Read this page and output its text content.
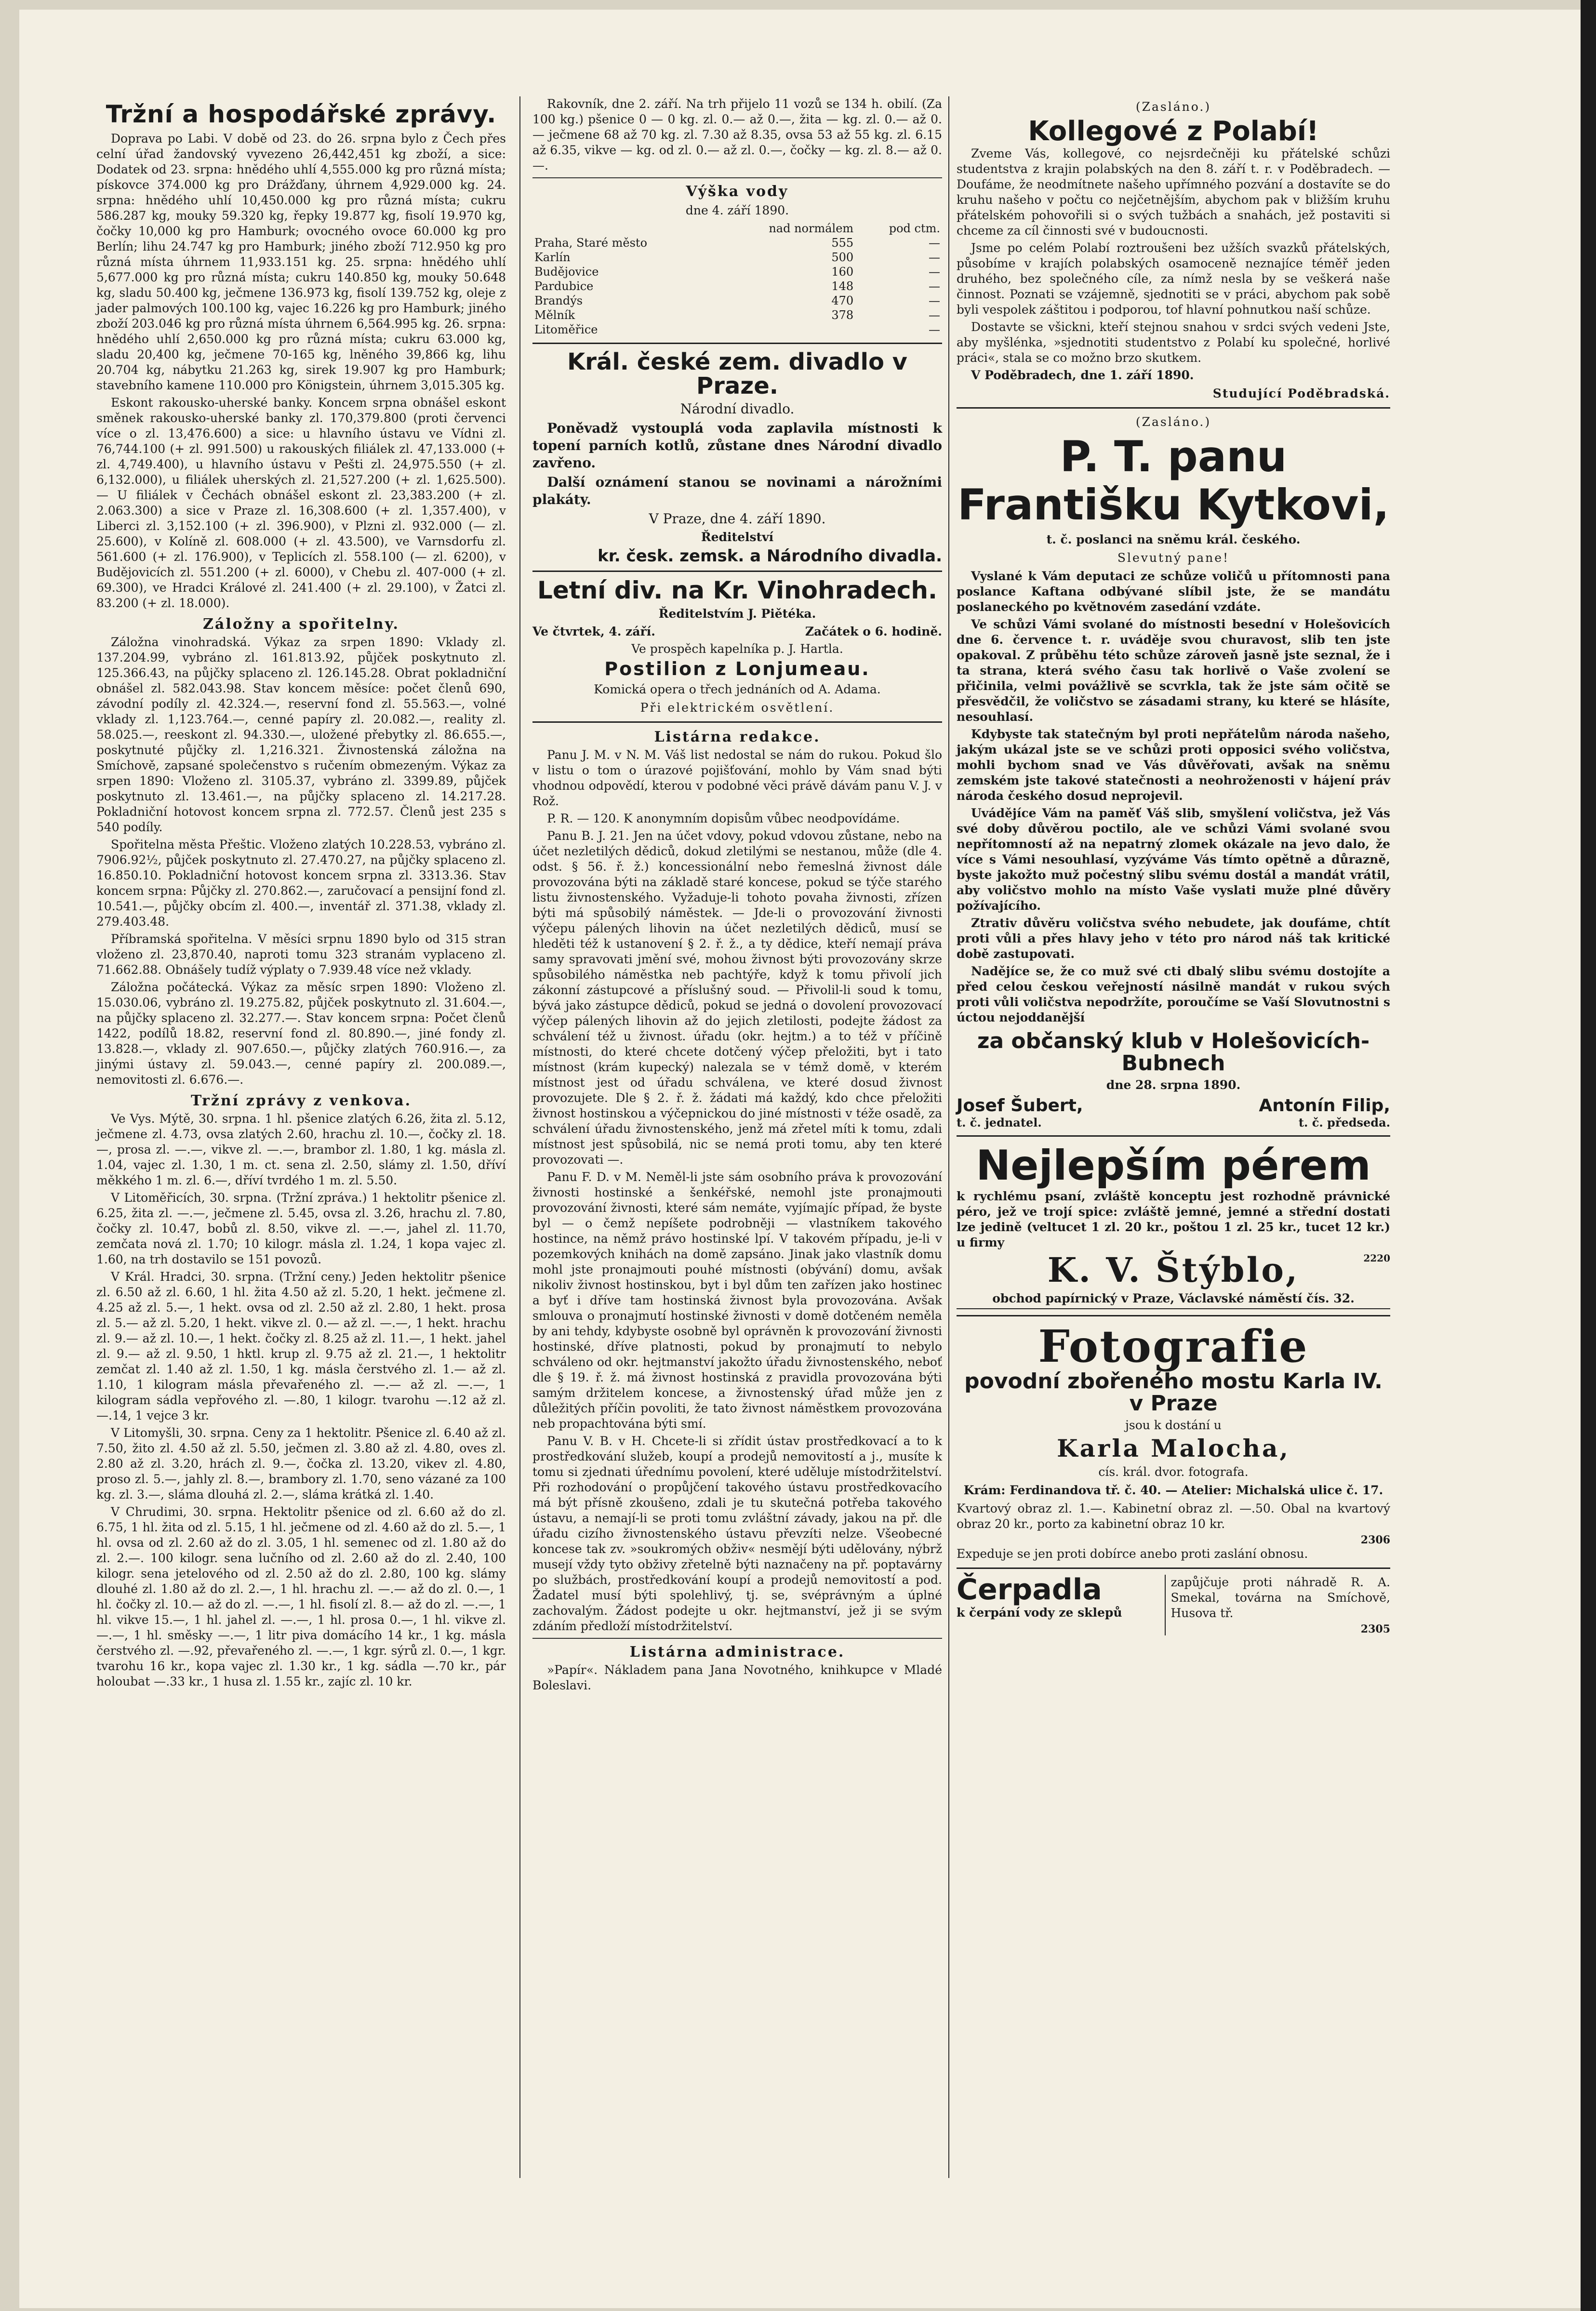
Tržní a hospodářské zprávy.

Doprava po Labi. V době od 23. do 26. srpna bylo z Čech přes celní úřad žandovský vyvezeno 26,442,451 kg zboží, a sice: Dodatek od 23. srpna: hnědého uhlí 4,555.000 kg pro různá místa; pískovce 374.000 kg pro Drážďany, úhrnem 4,929.000 kg. 24. srpna: hnědého uhlí 10,450.000 kg pro různá místa; cukru 586.287 kg, mouky 59.320 kg, řepky 19.877 kg, fisolí 19.970 kg, čočky 10,000 kg pro Hamburk; ovocného ovoce 60.000 kg pro Berlín; lihu 24.747 kg pro Hamburk; jiného zboží 712.950 kg pro různá místa úhrnem 11,933.151 kg. 25. srpna: hnědého uhlí 5,677.000 kg pro různá místa; cukru 140.850 kg, mouky 50.648 kg, sladu 50.400 kg, ječmene 136.973 kg, fisolí 139.752 kg, oleje z jader palmových 100.100 kg, vajec 16.226 kg pro Hamburk; jiného zboží 203.046 kg pro různá místa úhrnem 6,564.995 kg. 26. srpna: hnědého uhlí 2,650.000 kg pro různá místa; cukru 63.000 kg, sladu 20,400 kg, ječmene 70-165 kg, lněného 39,866 kg, lihu 20.704 kg, nábytku 21.263 kg, sirek 19.907 kg pro Hamburk; stavebního kamene 110.000 pro Königstein, úhrnem 3,015.305 kg.

Eskont rakousko-uherské banky. Koncem srpna obnášel eskont směnek rakousko-uherské banky zl. 170,379.800 (proti červenci více o zl. 13,476.600) a sice: u hlavního ústavu ve Vídni zl. 76,744.100 (+ zl. 991.500) u rakouských filiálek zl. 47,133.000 (+ zl. 4,749.400), u hlavního ústavu v Pešti zl. 24,975.550 (+ zl. 6,132.000), u filiálek uherských zl. 21,527.200 (+ zl. 1,625.500). — U filiálek v Čechách obnášel eskont zl. 23,383.200 (+ zl. 2.063.300) a sice v Praze zl. 16,308.600 (+ zl. 1,357.400), v Liberci zl. 3,152.100 (+ zl. 396.900), v Plzni zl. 932.000 (— zl. 25.600), v Kolíně zl. 608.000 (+ zl. 43.500), ve Varnsdorfu zl. 561.600 (+ zl. 176.900), v Teplicích zl. 558.100 (— zl. 6200), v Budějovicích zl. 551.200 (+ zl. 6000), v Chebu zl. 407-000 (+ zl. 69.300), ve Hradci Králové zl. 241.400 (+ zl. 29.100), v Žatci zl. 83.200 (+ zl. 18.000).

Záložny a spořitelny.

Záložna vinohradská. Výkaz za srpen 1890: Vklady zl. 137.204.99, vybráno zl. 161.813.92, půjček poskytnuto zl. 125.366.43, na půjčky splaceno zl. 126.145.28. Obrat pokladniční obnášel zl. 582.043.98. Stav koncem měsíce: počet členů 690, závodní podíly zl. 42.324.—, reservní fond zl. 55.563.—, volné vklady zl. 1,123.764.—, cenné papíry zl. 20.082.—, reality zl. 58.025.—, reeskont zl. 94.330.—, uložené přebytky zl. 86.655.—, poskytnuté půjčky zl. 1,216.321. Živnostenská záložna na Smíchově, zapsané společenstvo s ručením obmezeným. Výkaz za srpen 1890: Vloženo zl. 3105.37, vybráno zl. 3399.89, půjček poskytnuto zl. 13.461.—, na půjčky splaceno zl. 14.217.28. Pokladniční hotovost koncem srpna zl. 772.57. Členů jest 235 s 540 podíly.

Spořitelna města Přeštic. Vloženo zlatých 10.228.53, vybráno zl. 7906.92½, půjček poskytnuto zl. 27.470.27, na půjčky splaceno zl. 16.850.10. Pokladniční hotovost koncem srpna zl. 3313.36. Stav koncem srpna: Půjčky zl. 270.862.—, zaručovací a pensijní fond zl. 10.541.—, půjčky obcím zl. 400.—, inventář zl. 371.38, vklady zl. 279.403.48.

Příbramská spořitelna. V měsíci srpnu 1890 bylo od 315 stran vloženo zl. 23,870.40, naproti tomu 323 stranám vyplaceno zl. 71.662.88. Obnášely tudíž výplaty o 7.939.48 více než vklady.

Záložna počátecká. Výkaz za měsíc srpen 1890: Vloženo zl. 15.030.06, vybráno zl. 19.275.82, půjček poskytnuto zl. 31.604.—, na půjčky splaceno zl. 32.277.—. Stav koncem srpna: Počet členů 1422, podílů 18.82, reservní fond zl. 80.890.—, jiné fondy zl. 13.828.—, vklady zl. 907.650.—, půjčky zlatých 760.916.—, za jinými ústavy zl. 59.043.—, cenné papíry zl. 200.089.—, nemovitosti zl. 6.676.—.

Tržní zprávy z venkova.

Ve Vys. Mýtě, 30. srpna. 1 hl. pšenice zlatých 6.26, žita zl. 5.12, ječmene zl. 4.73, ovsa zlatých 2.60, hrachu zl. 10.—, čočky zl. 18.—, prosa zl. —.—, vikve zl. —.—, brambor zl. 1.80, 1 kg. másla zl. 1.04, vajec zl. 1.30, 1 m. ct. sena zl. 2.50, slámy zl. 1.50, dříví měkkého 1 m. zl. 6.—, dříví tvrdého 1 m. zl. 5.50.

V Litoměřicích, 30. srpna. (Tržní zpráva.) 1 hektolitr pšenice zl. 6.25, žita zl. —.—, ječmene zl. 5.45, ovsa zl. 3.26, hrachu zl. 7.80, čočky zl. 10.47, bobů zl. 8.50, vikve zl. —.—, jahel zl. 11.70, zemčata nová zl. 1.70; 10 kilogr. másla zl. 1.24, 1 kopa vajec zl. 1.60, na trh dostavilo se 151 povozů.

V Král. Hradci, 30. srpna. (Tržní ceny.) Jeden hektolitr pšenice zl. 6.50 až zl. 6.60, 1 hl. žita 4.50 až zl. 5.20, 1 hekt. ječmene zl. 4.25 až zl. 5.—, 1 hekt. ovsa od zl. 2.50 až zl. 2.80, 1 hekt. prosa zl. 5.— až zl. 5.20, 1 hekt. vikve zl. 0.— až zl. —.—, 1 hekt. hrachu zl. 9.— až zl. 10.—, 1 hekt. čočky zl. 8.25 až zl. 11.—, 1 hekt. jahel zl. 9.— až zl. 9.50, 1 hktl. krup zl. 9.75 až zl. 21.—, 1 hektolitr zemčat zl. 1.40 až zl. 1.50, 1 kg. másla čerstvého zl. 1.— až zl. 1.10, 1 kilogram másla převařeného zl. —.— až zl. —.—, 1 kilogram sádla vepřového zl. —.80, 1 kilogr. tvarohu —.12 až zl. —.14, 1 vejce 3 kr.

V Litomyšli, 30. srpna. Ceny za 1 hektolitr. Pšenice zl. 6.40 až zl. 7.50, žito zl. 4.50 až zl. 5.50, ječmen zl. 3.80 až zl. 4.80, oves zl. 2.80 až zl. 3.20, hrách zl. 9.—, čočka zl. 13.20, vikev zl. 4.80, proso zl. 5.—, jahly zl. 8.—, brambory zl. 1.70, seno vázané za 100 kg. zl. 3.—, sláma dlouhá zl. 2.—, sláma krátká zl. 1.40.

V Chrudimi, 30. srpna. Hektolitr pšenice od zl. 6.60 až do zl. 6.75, 1 hl. žita od zl. 5.15, 1 hl. ječmene od zl. 4.60 až do zl. 5.—, 1 hl. ovsa od zl. 2.60 až do zl. 3.05, 1 hl. semenec od zl. 1.80 až do zl. 2.—. 100 kilogr. sena lučního od zl. 2.60 až do zl. 2.40, 100 kilogr. sena jetelového od zl. 2.50 až do zl. 2.80, 100 kg. slámy dlouhé zl. 1.80 až do zl. 2.—, 1 hl. hrachu zl. —.— až do zl. 0.—, 1 hl. čočky zl. 10.— až do zl. —.—, 1 hl. fisolí zl. 8.— až do zl. —.—, 1 hl. vikve 15.—, 1 hl. jahel zl. —.—, 1 hl. prosa 0.—, 1 hl. vikve zl. —.—, 1 hl. směsky —.—, 1 litr piva domácího 14 kr., 1 kg. másla čerstvého zl. —.92, převařeného zl. —.—, 1 kgr. sýrů zl. 0.—, 1 kgr. tvarohu 16 kr., kopa vajec zl. 1.30 kr., 1 kg. sádla —.70 kr., pár holoubat —.33 kr., 1 husa zl. 1.55 kr., zajíc zl. 10 kr.

Rakovník, dne 2. září. Na trh přijelo 11 vozů se 134 h. obilí. (Za 100 kg.) pšenice 0 — 0 kg. zl. 0.— až 0.—, žita — kg. zl. 0.— až 0.— ječmene 68 až 70 kg. zl. 7.30 až 8.35, ovsa 53 až 55 kg. zl. 6.15 až 6.35, vikve — kg. od zl. 0.— až zl. 0.—, čočky — kg. zl. 8.— až 0.—.

Výška vody

dne 4. září 1890.

	nad normálem	pod ctm.
Praha, Staré město	555	—
Karlín	500	—
Budějovice	160	—
Pardubice	148	—
Brandýs	470	—
Mělník	378	—
Litoměřice		—
Král. české zem. divadlo v Praze.

Národní divadlo.

Poněvadž vystouplá voda zaplavila místnosti k topení parních kotlů, zůstane dnes Národní divadlo zavřeno.

Další oznámení stanou se novinami a nárožními plakáty.

V Praze, dne 4. září 1890.

Ředitelství

kr. česk. zemsk. a Národního divadla.
Letní div. na Kr. Vinohradech.

Ředitelstvím J. Piětéka.

Ve čtvrtek, 4. září.	Začátek o 6. hodině.

Ve prospěch kapelníka p. J. Hartla.

Postilion z Lonjumeau.

Komická opera o třech jednáních od A. Adama.

Při elektrickém osvětlení.

Listárna redakce.

Panu J. M. v N. M. Váš list nedostal se nám do rukou. Pokud šlo v listu o tom o úrazové pojišťování, mohlo by Vám snad býti vhodnou odpovědí, kterou v podobné věci právě dávám panu V. J. v Rož.

P. R. — 120. K anonymním dopisům vůbec neodpovídáme.

Panu B. J. 21. Jen na účet vdovy, pokud vdovou zůstane, nebo na účet nezletilých dědiců, dokud zletilými se nestanou, může (dle 4. odst. § 56. ř. ž.) koncessionální nebo řemeslná živnost dále provozována býti na základě staré koncese, pokud se týče starého listu živnostenského. Vyžaduje-li tohoto povaha živnosti, zřízen býti má spůsobilý náměstek. — Jde-li o provozování živnosti výčepu pálených lihovin na účet nezletilých dědiců, musí se hleděti též k ustanovení § 2. ř. ž., a ty dědice, kteří nemají práva samy spravovati jmění své, mohou živnost býti provozovány skrze spůsobilého náměstka neb pachtýře, když k tomu přivolí jich zákonní zástupcové a příslušný soud. — Přivolil-li soud k tomu, bývá jako zástupce dědiců, pokud se jedná o dovolení provozovací výčep pálených lihovin až do jejich zletilosti, podejte žádost za schválení též u živnost. úřadu (okr. hejtm.) a to též v příčině místnosti, do které chcete dotčený výčep přeložiti, byt i tato místnost (krám kupecký) nalezala se v témž domě, v kterém místnost jest od úřadu schválena, ve které dosud živnost provozujete. Dle § 2. ř. ž. žádati má každý, kdo chce přeložiti živnost hostinskou a výčepnickou do jiné místnosti v téže osadě, za schválení úřadu živnostenského, jenž má zřetel míti k tomu, zdali místnost jest spůsobilá, nic se nemá proti tomu, aby ten které provozovati —.

Panu F. D. v M. Neměl-li jste sám osobního práva k provozování živnosti hostinské a šenkéřské, nemohl jste pronajmouti provozování živnosti, které sám nemáte, vyjímajíc případ, že byste byl — o čemž nepíšete podrobněji — vlastníkem takového hostince, na němž právo hostinské lpí. V takovém případu, je-li v pozemkových knihách na domě zapsáno. Jinak jako vlastník domu mohl jste pronajmouti pouhé místnosti (obývání) domu, avšak nikoliv živnost hostinskou, byt i byl dům ten zařízen jako hostinec a byť i dříve tam hostinská živnost byla provozována. Avšak smlouva o pronajmutí hostinské živnosti v domě dotčeném neměla by ani tehdy, kdybyste osobně byl oprávněn k provozování živnosti hostinské, dříve platnosti, pokud by pronajmutí to nebylo schváleno od okr. hejtmanství jakožto úřadu živnostenského, neboť dle § 19. ř. ž. má živnost hostinská z pravidla provozována býti samým držitelem koncese, a živnostenský úřad může jen z důležitých příčin povoliti, že tato živnost náměstkem provozována neb propachtována býti smí.

Panu V. B. v H. Chcete-li si zřídit ústav prostředkovací a to k prostředkování služeb, koupí a prodejů nemovitostí a j., musíte k tomu si zjednati úřednímu povolení, které uděluje místodržitelství. Při rozhodování o propůjčení takového ústavu prostředkovacího má být přísně zkoušeno, zdali je tu skutečná potřeba takového ústavu, a nemají-li se proti tomu zvláštní závady, jakou na př. dle úřadu cizího živnostenského ústavu převzíti nelze. Všeobecné koncese tak zv. »soukromých obživ« nesmějí býti udělovány, nýbrž musejí vždy tyto obživy zřetelně býti naznačeny na př. poptavárny po službách, prostředkování koupí a prodejů nemovitostí a pod. Žadatel musí býti spolehlivý, tj. se, svéprávným a úplné zachovalým. Žádost podejte u okr. hejtmanství, jež ji se svým zdáním předloží místodržitelství.

Listárna administrace.

»Papír«. Nákladem pana Jana Novotného, knihkupce v Mladé Boleslavi.

(Zasláno.)

Kollegové z Polabí!

Zveme Vás, kollegové, co nejsrdečněji ku přátelské schůzi studentstva z krajin polabských na den 8. září t. r. v Poděbradech. — Doufáme, že neodmítnete našeho upřímného pozvání a dostavíte se do kruhu našeho v počtu co nejčetnějším, abychom pak v bližším kruhu přátelském pohovořili si o svých tužbách a snahách, jež postaviti si chceme za cíl činnosti své v budoucnosti.

Jsme po celém Polabí roztroušeni bez užších svazků přátelských, působíme v krajích polabských osamoceně neznajíce téměř jeden druhého, bez společného cíle, za nímž nesla by se veškerá naše činnost. Poznati se vzájemně, sjednotiti se v práci, abychom pak sobě byli vespolek záštitou i podporou, tof hlavní pohnutkou naší schůze.

Dostavte se všickni, kteří stejnou snahou v srdci svých vedeni Jste, aby myšlénka, »sjednotiti studentstvo z Polabí ku společné, horlivé práci«, stala se co možno brzo skutkem.

V Poděbradech, dne 1. září 1890.

Studující Poděbradská.

(Zasláno.)

P. T. panu Františku Kytkovi,

t. č. poslanci na sněmu král. českého.

Slevutný pane!

Vyslané k Vám deputaci ze schůze voličů u přítomnosti pana poslance Kaftana odbývané slíbil jste, že se mandátu poslaneckého po květnovém zasedání vzdáte.

Ve schůzi Vámi svolané do místnosti besední v Holešovicích dne 6. července t. r. uváděje svou churavost, slib ten jste opakoval. Z průběhu této schůze zároveň jasně jste seznal, že i ta strana, která svého času tak horlivě o Vaše zvolení se přičinila, velmi povážlivě se scvrkla, tak že jste sám očitě se přesvědčil, že voličstvo se zásadami strany, ku které se hlásíte, nesouhlasí.

Kdybyste tak statečným byl proti nepřátelům národa našeho, jakým ukázal jste se ve schůzi proti opposici svého voličstva, mohli bychom snad ve Vás důvěřovati, avšak na sněmu zemském jste takové statečnosti a neohroženosti v hájení práv národa českého dosud neprojevil.

Uvádějíce Vám na paměť Váš slib, smyšlení voličstva, jež Vás své doby důvěrou poctilo, ale ve schůzi Vámi svolané svou nepřítomností až na nepatrný zlomek okázale na jevo dalo, že více s Vámi nesouhlasí, vyzýváme Vás tímto opětně a důrazně, byste jakožto muž počestný slibu svému dostál a mandát vrátil, aby voličstvo mohlo na místo Vaše vyslati muže plné důvěry požívajícího.

Ztrativ důvěru voličstva svého nebudete, jak doufáme, chtít proti vůli a přes hlavy jeho v této pro národ náš tak kritické době zastupovati.

Nadějíce se, že co muž své cti dbalý slibu svému dostojíte a před celou českou veřejností násilně mandát v rukou svých proti vůli voličstva nepodržíte, poroučíme se Vaší Slovutnostni s úctou nejoddanější

za občanský klub v Holešovicích-Bubnech

dne 28. srpna 1890.

Josef Šubert,	Antonín Filip,
t. č. jednatel.	t. č. předseda.
Nejlepším pérem

k rychlému psaní, zvláště konceptu jest rozhodně právnické péro, jež ve trojí spice: zvláště jemné, jemné a střední dostati lze jedině (veltucet 1 zl. 20 kr., poštou 1 zl. 25 kr., tucet 12 kr.) u firmy

K. V. Štýblo,	2220

obchod papírnický v Praze, Václavské náměstí čís. 32.

Fotografie
povodní zbořeného mostu Karla IV. v Praze

jsou k dostání u

Karla Malocha,

cís. král. dvor. fotografa.

Krám: Ferdinandova tř. č. 40. — Atelier: Michalská ulice č. 17.

Kvartový obraz zl. 1.—. Kabinetní obraz zl. —.50. Obal na kvartový obraz 20 kr., porto za kabinetní obraz 10 kr.

2306

Expeduje se jen proti dobírce anebo proti zaslání obnosu.

Čerpadla

k čerpání vody ze sklepů

zapůjčuje proti náhradě R. A. Smekal, továrna na Smíchově, Husova tř.

2305
